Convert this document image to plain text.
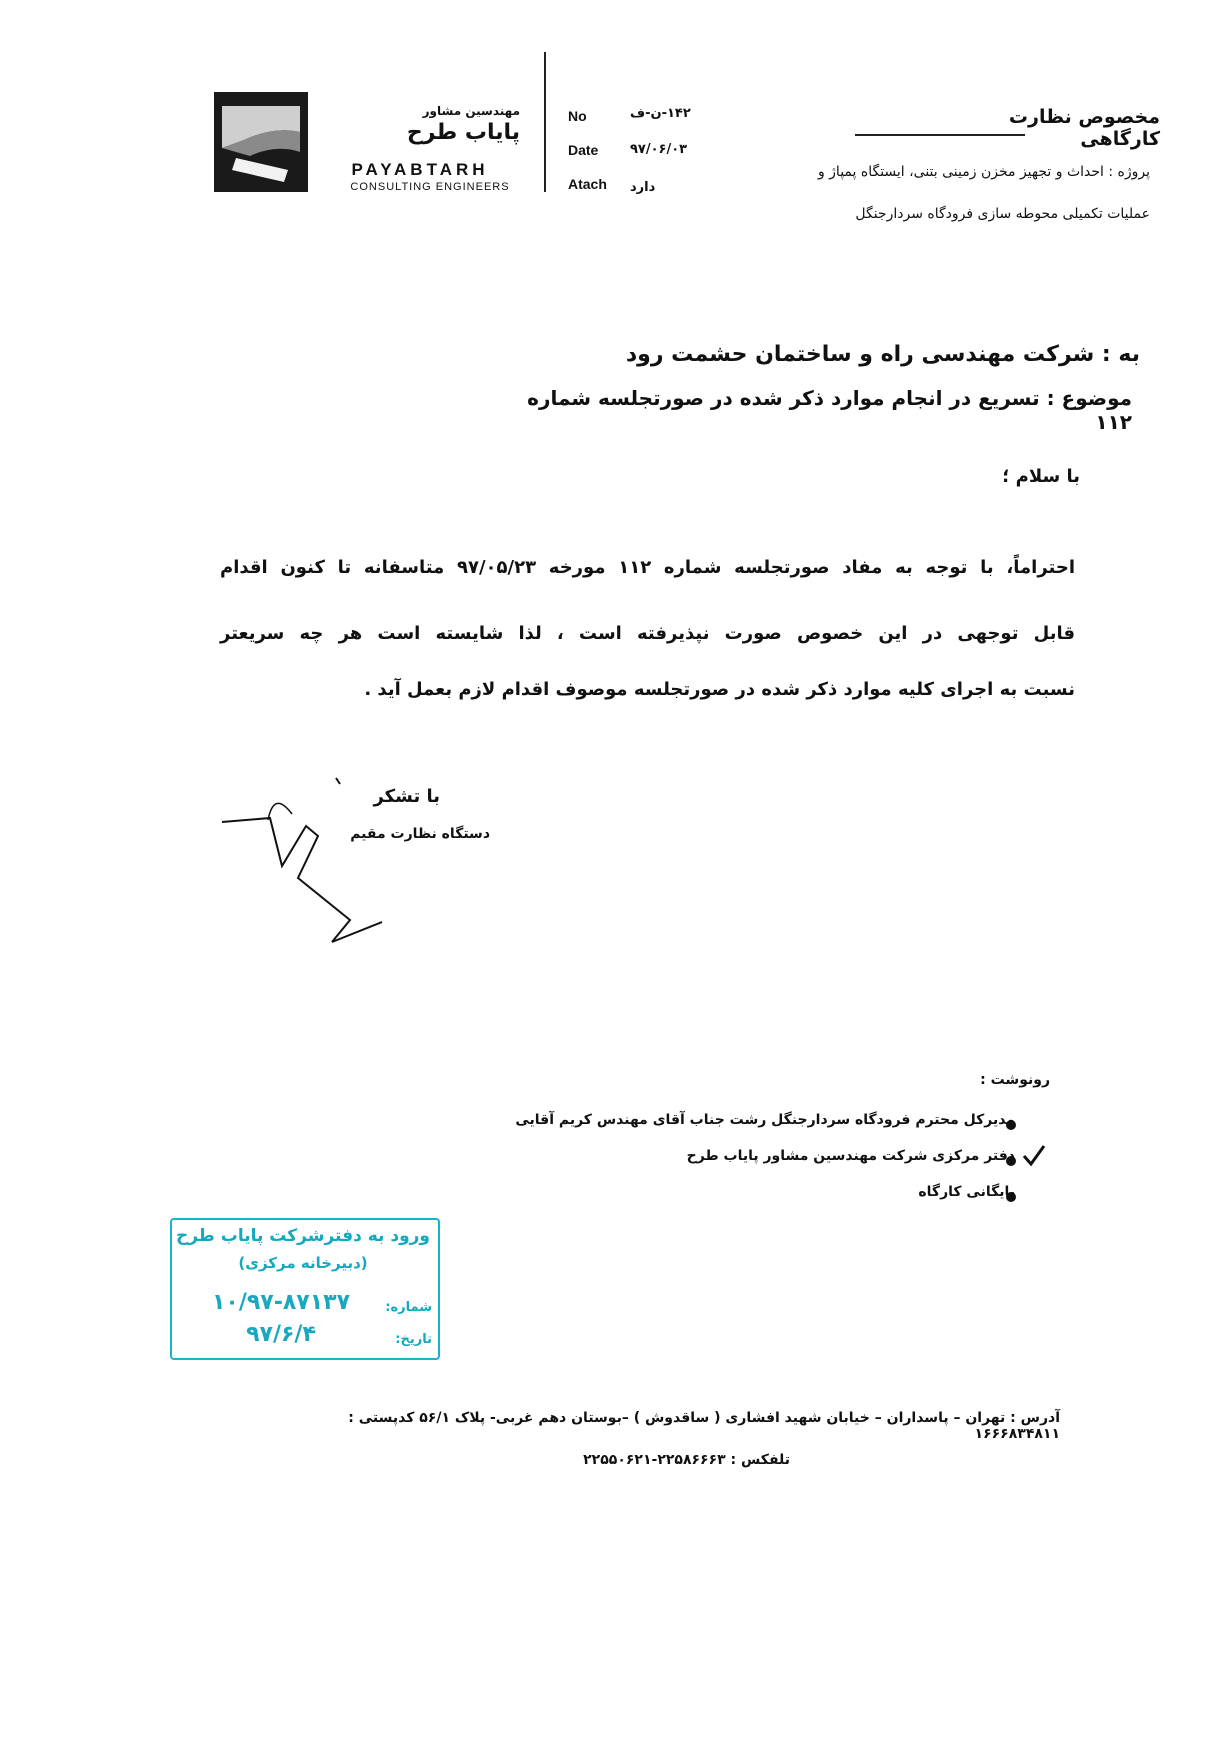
مهندسین مشاور
پایاب طرح
PAYABTARH
CONSULTING ENGINEERS
No	۱۴۲-ن-ف
Date	۹۷/۰۶/۰۳
Atach	دارد
مخصوص نظارت کارگاهی
پروژه : احداث و تجهیز مخزن زمینی بتنی، ایستگاه پمپاژ و
عملیات تکمیلی محوطه سازی فرودگاه سردارجنگل
به : شرکت مهندسی راه و ساختمان حشمت رود
موضوع : تسریع در انجام موارد ذکر شده در صورتجلسه شماره ۱۱۲
با سلام ؛
احتراماً، با توجه به مفاد صورتجلسه شماره ۱۱۲ مورخه ۹۷/۰۵/۲۳ متاسفانه تا کنون اقدام
قابل توجهی در این خصوص صورت نپذیرفته است ، لذا شایسته است هر چه سریعتر
نسبت به اجرای کلیه موارد ذکر شده در صورتجلسه موصوف اقدام لازم بعمل آید .
با تشکر
دستگاه نظارت مقیم
رونوشت :
مدیرکل محترم فرودگاه سردارجنگل رشت جناب آقای مهندس کریم آقایی
دفتر مرکزی شرکت مهندسین مشاور پایاب طرح
بایگانی کارگاه
ورود به دفترشرکت پایاب طرح
(دبیرخانه مرکزی)
شماره:
۱۰/۹۷-۸۷۱۳۷
تاریخ:
۹۷/۶/۴
آدرس : تهران – پاسداران – خیابان شهید افشاری ( ساقدوش ) –بوستان دهم غربی- پلاک ۵۶/۱ کدپستی : ۱۶۶۶۸۳۴۸۱۱
تلفکس : ۲۲۵۸۶۶۶۳-۲۲۵۵۰۶۲۱
